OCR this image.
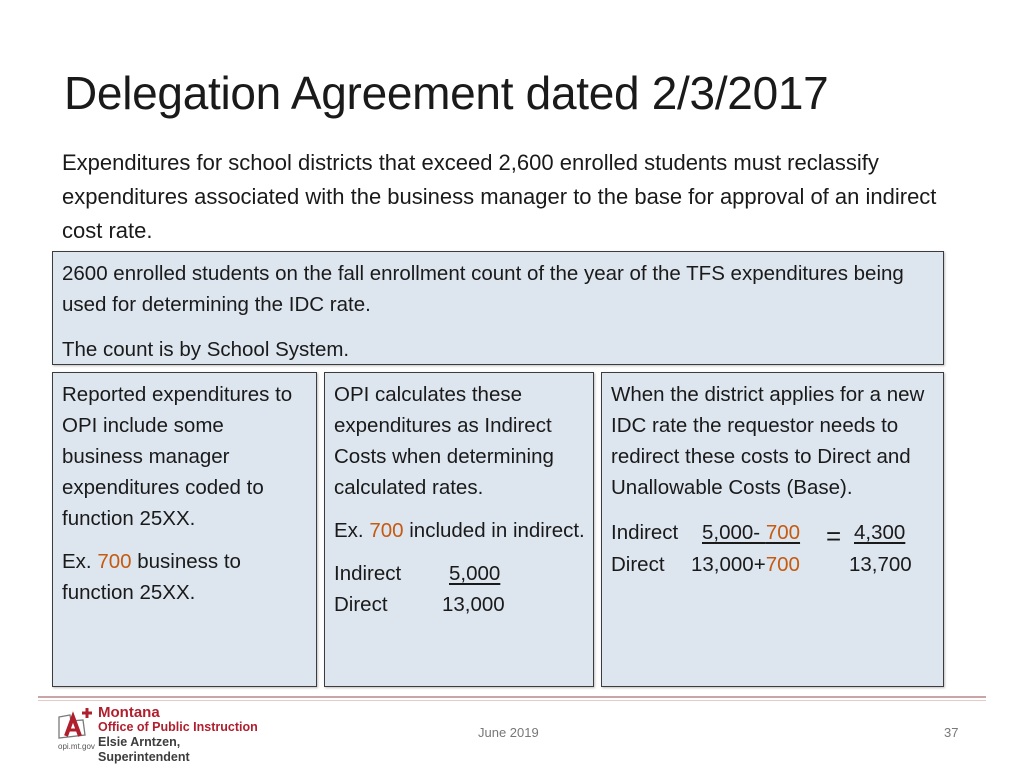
Delegation Agreement dated 2/3/2017

Expenditures for school districts that exceed 2,600 enrolled students must reclassify expenditures associated with the business manager to the base for approval of an indirect cost rate.

2600 enrolled students on the fall enrollment count of the year of the TFS expenditures being used for determining the IDC rate.

The count is by School System.

Reported expenditures to OPI include some business manager expenditures coded to function 25XX.

Ex. 700 business to function 25XX.

OPI calculates these expenditures as Indirect Costs when determining calculated rates.

Ex. 700 included in indirect.

Indirect 5,000
Direct	13,000

When the district applies for a new IDC rate the requestor needs to redirect these costs to Direct and Unallowable Costs (Base).

Indirect 5,000- 700 = 4,300
Direct 13,000+700 13,700
Montana
Office of Public Instruction
Elsie Arntzen, Superintendent
opi.mt.gov
June 2019	37
